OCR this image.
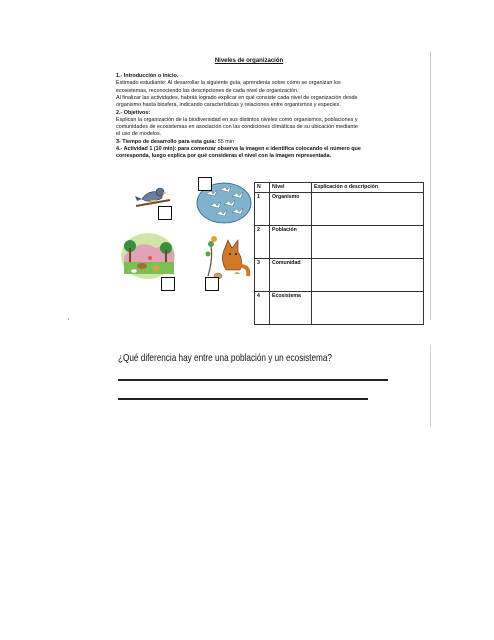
Niveles de organización
1.- Introducción o inicio.
Estimado estudiante: Al desarrollar la siguiente guía, aprenderás sobre cómo se organizan los
ecosistemas, reconociendo las descripciones de cada nivel de organización.
Al finalizar las actividades, habrás logrado explicar en qué consiste cada nivel de organización desde
organismo hasta biosfera, indicando características y relaciones entre organismos y especies.
2.- Objetivos:
Explican la organización de la biodiversidad en sus distintos niveles como organismos, poblaciones y
comunidades de ecosistemas en asociación con las condiciones climáticas de su ubicación mediante
el uso de modelos.
3- Tiempo de desarrollo para esta guía: 55 min
4.- Actividad 1 (10 min): para comenzar observa la imagen e identifica colocando el número que
corresponda, luego explica por qué consideras el nivel con la imagen representada.
N	Nivel	Explicación o descripción
1	Organismo	
2	Población	
3	Comunidad	
4	Ecosistema	
¿Qué diferencia hay entre una población y un ecosistema?
